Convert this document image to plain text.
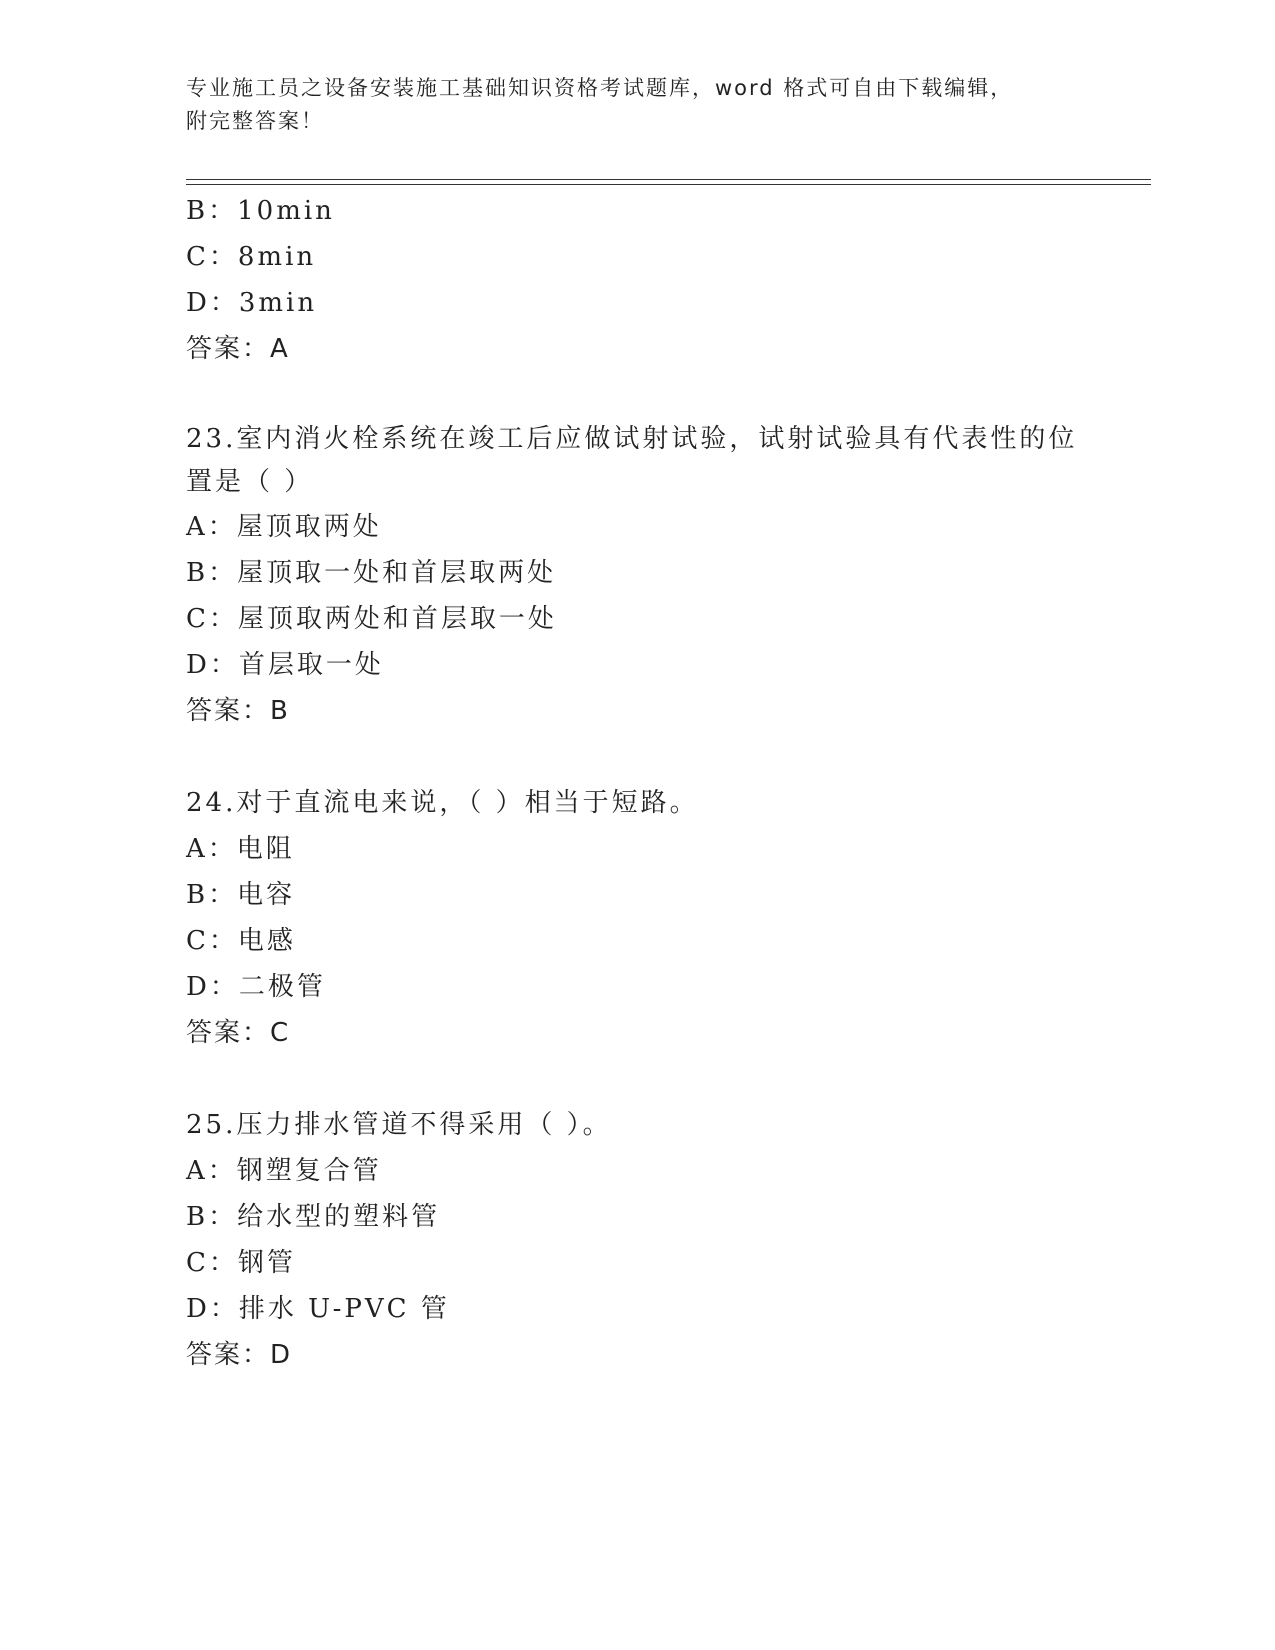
专业施工员之设备安装施工基础知识资格考试题库，word 格式可自由下载编辑，
附完整答案！
B：10min
C：8min
D：3min
答案：A
23.室内消火栓系统在竣工后应做试射试验，试射试验具有代表性的位
置是（ ）
A：屋顶取两处
B：屋顶取一处和首层取两处
C：屋顶取两处和首层取一处
D：首层取一处
答案：B
24.对于直流电来说，（ ）相当于短路。
A：电阻
B：电容
C：电感
D：二极管
答案：C
25.压力排水管道不得采用（ ）。
A：钢塑复合管
B：给水型的塑料管
C：钢管
D：排水 U-PVC 管
答案：D
